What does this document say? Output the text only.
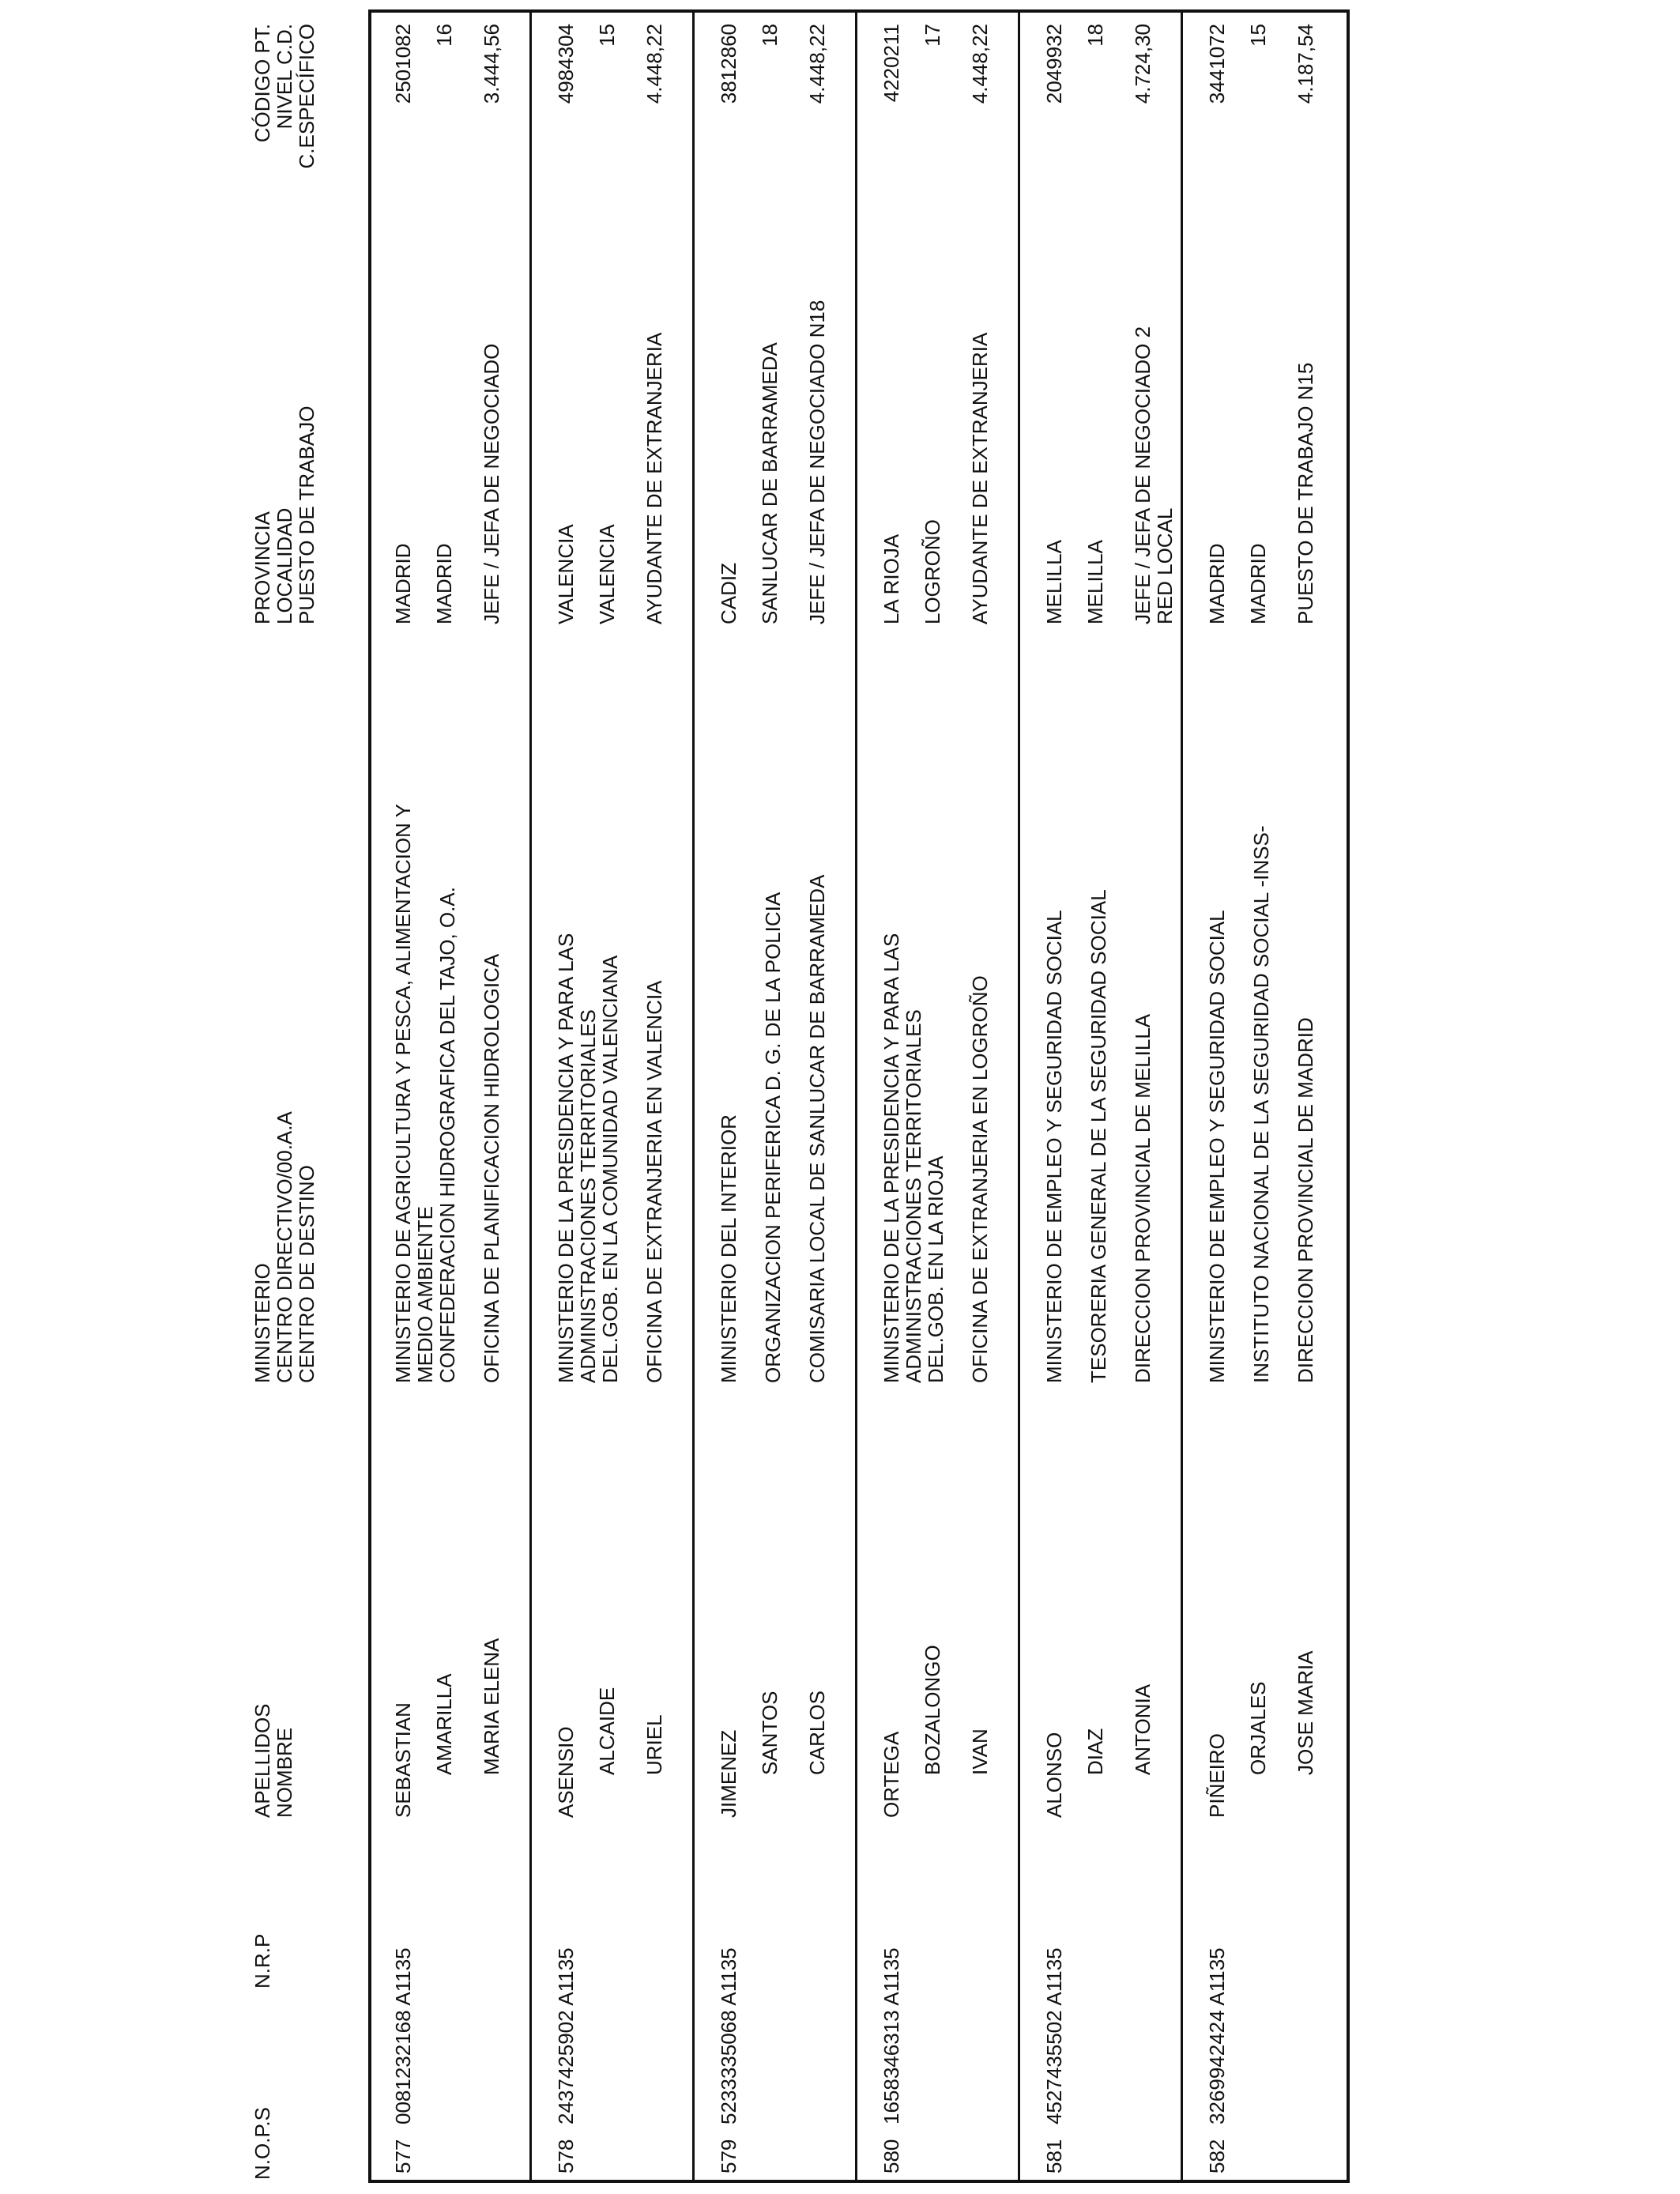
N.O.P.S
N.R.P
APELLIDOS
NOMBRE
MINISTERIO
CENTRO DIRECTIVO/00.A.A
CENTRO DE DESTINO
PROVINCIA
LOCALIDAD
PUESTO DE TRABAJO
CÓDIGO PT.
NIVEL C.D.
C.ESPECÍFICO
577
0081232168 A1135
SEBASTIAN AMARILLA MARIA ELENA
MINISTERIO DE AGRICULTURA Y PESCA, ALIMENTACION Y MEDIO AMBIENTE
CONFEDERACION HIDROGRAFICA DEL TAJO, O.A. OFICINA DE PLANIFICACION HIDROLOGICA
MADRID MADRID JEFE / JEFA DE NEGOCIADO
2501082 16 3.444,56
578
2437425902 A1135
ASENSIO ALCAIDE URIEL
MINISTERIO DE LA PRESIDENCIA Y PARA LAS ADMINISTRACIONES TERRITORIALES
DEL.GOB. EN LA COMUNIDAD VALENCIANA OFICINA DE EXTRANJERIA EN VALENCIA
VALENCIA VALENCIA AYUDANTE DE EXTRANJERIA
4984304 15 4.448,22
579
5233335068 A1135
JIMENEZ SANTOS CARLOS
MINISTERIO DEL INTERIOR ORGANIZACION PERIFERICA D. G. DE LA POLICIA COMISARIA LOCAL DE SANLUCAR DE BARRAMEDA
CADIZ SANLUCAR DE BARRAMEDA JEFE / JEFA DE NEGOCIADO N18
3812860 18 4.448,22
580
1658346313 A1135
ORTEGA BOZALONGO IVAN
MINISTERIO DE LA PRESIDENCIA Y PARA LAS ADMINISTRACIONES TERRITORIALES
DEL.GOB. EN LA RIOJA OFICINA DE EXTRANJERIA EN LOGROÑO
LA RIOJA LOGROÑO AYUDANTE DE EXTRANJERIA
4220211 17 4.448,22
581
4527435502 A1135
ALONSO DIAZ ANTONIA
MINISTERIO DE EMPLEO Y SEGURIDAD SOCIAL TESORERIA GENERAL DE LA SEGURIDAD SOCIAL DIRECCION PROVINCIAL DE MELILLA
MELILLA MELILLA JEFE / JEFA DE NEGOCIADO 2 RED LOCAL
2049932 18 4.724,30
582
3269942424 A1135
PIÑEIRO
ORJALES JOSE MARIA
MINISTERIO DE EMPLEO Y SEGURIDAD SOCIAL INSTITUTO NACIONAL DE LA SEGURIDAD SOCIAL -INSS- DIRECCION PROVINCIAL DE MADRID
MADRID MADRID PUESTO DE TRABAJO N15
3441072 15 4.187,54
